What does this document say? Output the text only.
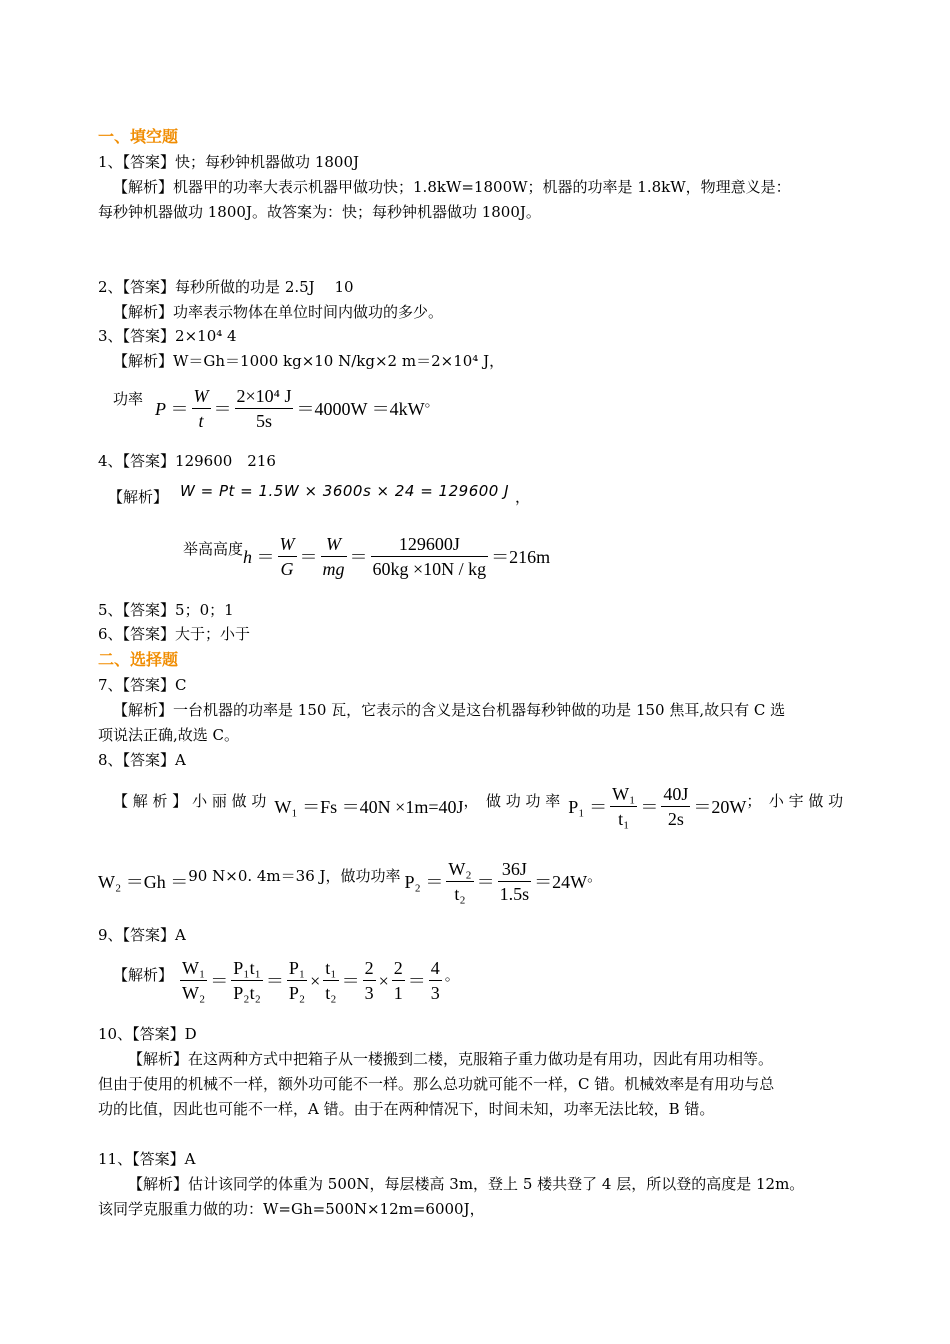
一、填空题
1、【答案】快；每秒钟机器做功 1800J
【解析】机器甲的功率大表示机器甲做功快；1.8kW=1800W；机器的功率是 1.8kW，物理意义是：
每秒钟机器做功 1800J。故答案为：快；每秒钟机器做功 1800J。
2、【答案】每秒所做的功是 2.5J　 10
【解析】功率表示物体在单位时间内做功的多少。
3、【答案】2×10⁴ 4
【解析】W＝Gh＝1000 kg×10 N/kg×2 m＝2×10⁴ J，
功率 $P = \frac{W}{t} = \frac{\text{2×10⁴ J}}{5s} =4000W =4kW$ 。
4、【答案】129600　216
【解析】 W = Pt = 1.5W × 3600s × 24 = 129600 J ，
举高高度 $h = \frac{W}{G} = \frac{W}{mg} = \frac{129600J}{60kg \times 10N / kg} =216m$
5、【答案】5；0；1
6、【答案】大于；小于
二、选择题
7、【答案】C
【解析】一台机器的功率是 150 瓦，它表示的含义是这台机器每秒钟做的功是 150 焦耳,故只有 C 选
项说法正确,故选 C。
8、【答案】A
【 解 析 】 小 丽 做 功 W₁ ＝Fs ＝40N ×1m=40J ，　做 功 功 率 $P_1 = \frac{\text{W₁}}{\text{t₁}} = \frac{40J}{2s} =20W$ ；　小 宇 做 功
W₂ ＝Gh ＝ 90 N×0. 4m＝36 J，做功功率 $P_2 = \frac{\text{W₂}}{\text{t₂}} = \frac{36J}{1.5s} =24W$ 。
9、【答案】A
【解析】 $\frac{\text{W₁}}{\text{W₂}} = \frac{\text{P₁t₁}}{\text{P₂t₂}} = \frac{\text{P₁}}{\text{P₂}} \times \frac{\text{t₁}}{\text{t₂}} = \frac{2}{3} \times \frac{2}{1} = \frac{4}{3}$ 。
10、【答案】D
【解析】在这两种方式中把箱子从一楼搬到二楼，克服箱子重力做功是有用功，因此有用功相等。
但由于使用的机械不一样，额外功可能不一样。那么总功就可能不一样，C 错。机械效率是有用功与总
功的比值，因此也可能不一样，A 错。由于在两种情况下，时间未知，功率无法比较，B 错。
11、【答案】A
【解析】估计该同学的体重为 500N，每层楼高 3m，登上 5 楼共登了 4 层，所以登的高度是 12m。
该同学克服重力做的功：W=Gh=500N×12m=6000J，
